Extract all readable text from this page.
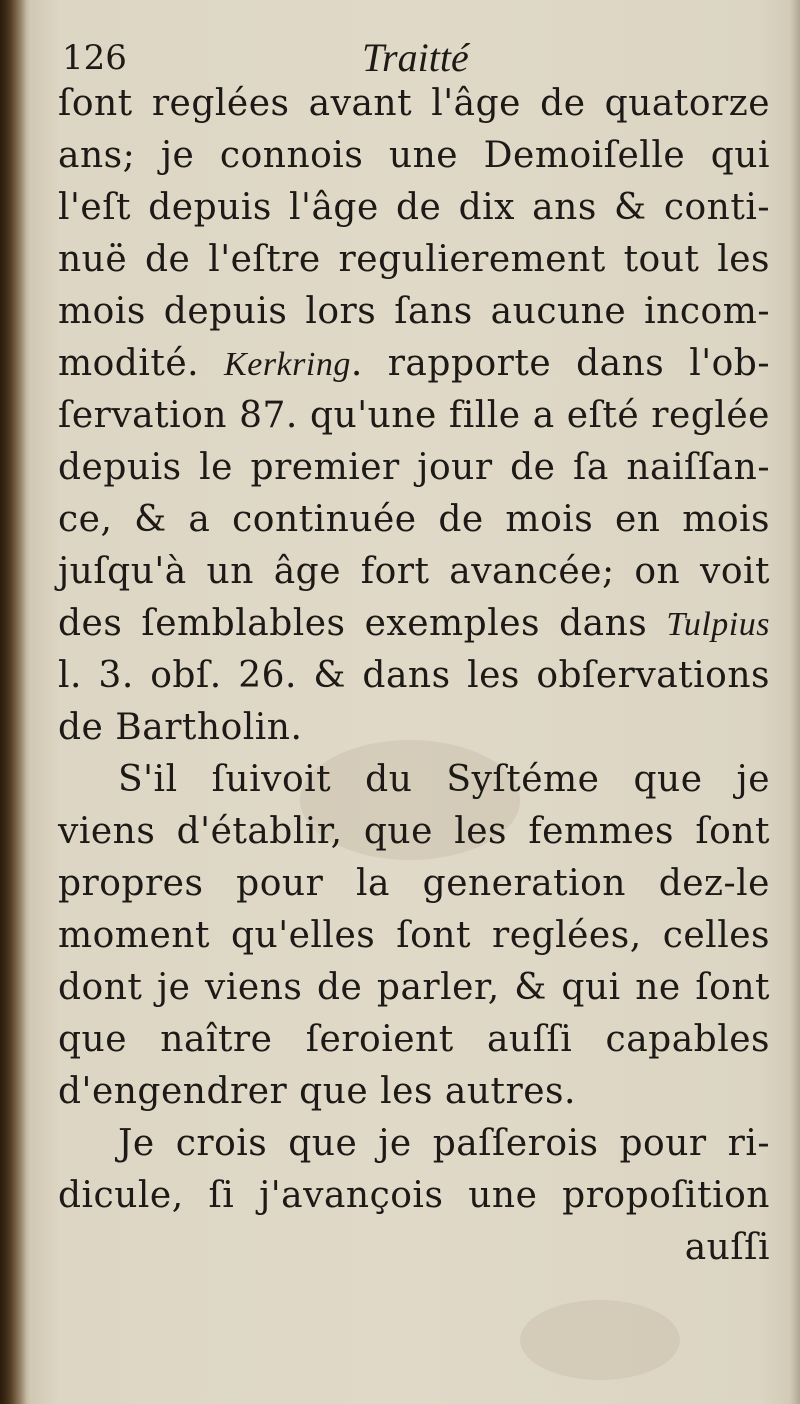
126	Traitté
ſont reglées avant l'âge de quatorze
ans; je connois une Demoiſelle qui
l'eſt depuis l'âge de dix ans & conti-
nuë de l'eſtre regulierement tout les
mois depuis lors ſans aucune incom-
modité. Kerkring. rapporte dans l'ob-
ſervation 87. qu'une fille a eſté reglée
depuis le premier jour de ſa naiſſan-
ce, & a continuée de mois en mois
juſqu'à un âge fort avancée; on voit
des ſemblables exemples dans Tulpius
l. 3. obſ. 26. & dans les obſervations
de Bartholin.
S'il ſuivoit du Syſtéme que je
viens d'établir, que les femmes ſont
propres pour la generation dez-le
moment qu'elles ſont reglées, celles
dont je viens de parler, & qui ne ſont
que naître ſeroient auſſi capables
d'engendrer que les autres.
Je crois que je paſſerois pour ri-
dicule, ſi j'avançois une propoſition
auſſi
